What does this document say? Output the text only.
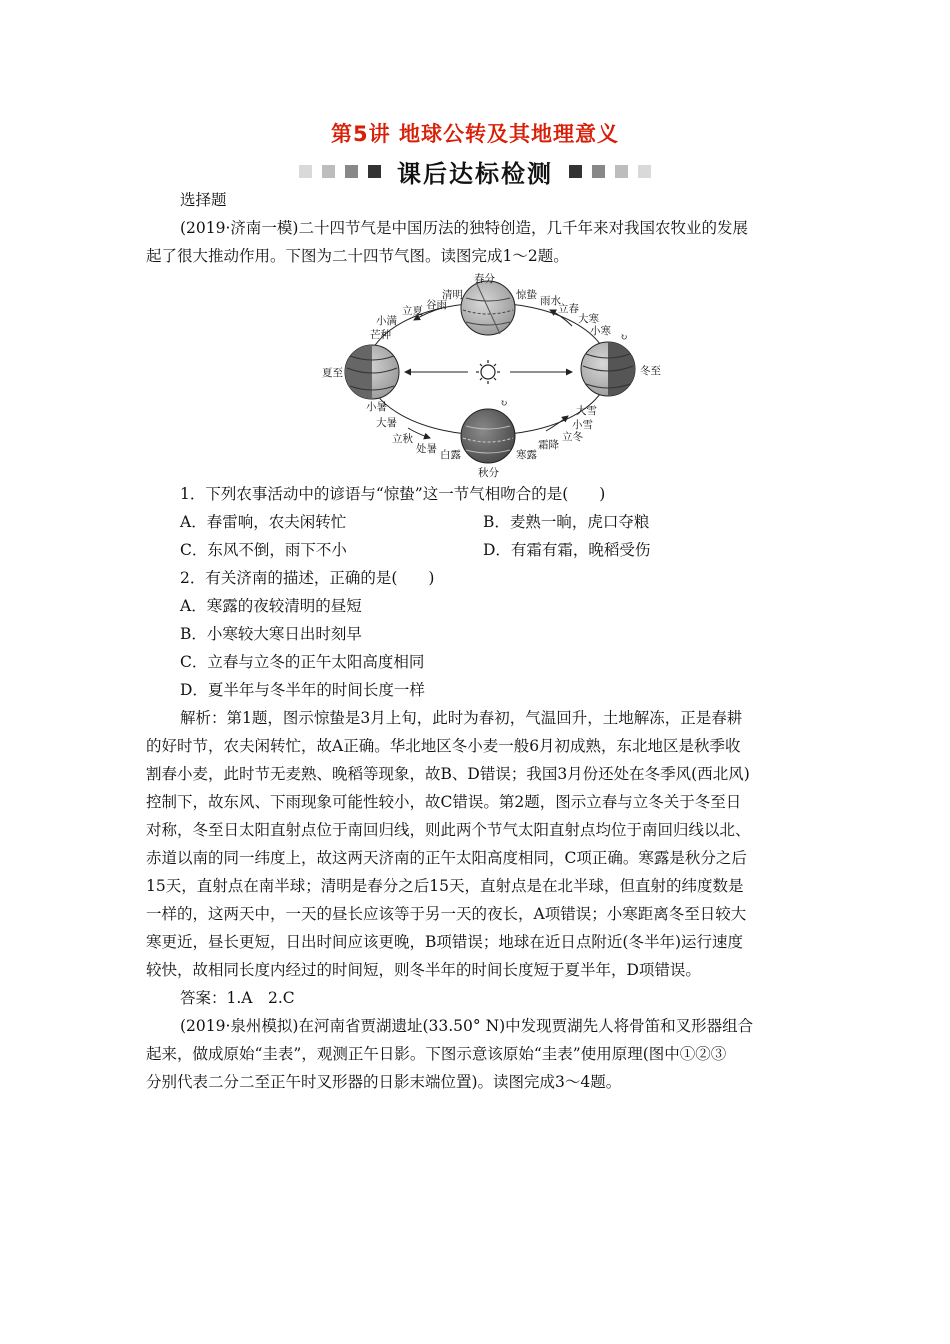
第5讲 地球公转及其地理意义
课后达标检测
选择题
(2019·济南一模)二十四节气是中国历法的独特创造，几千年来对我国农牧业的发展
起了很大推动作用。下图为二十四节气图。读图完成1～2题。
↻
↻
春分
清明
谷雨
立夏
小满
芒种
夏至
小暑
大暑
立秋
处暑 白露
秋分
寒露
霜降
立冬
小雪
大雪
冬至
小寒
大寒
立春
雨水
惊蛰
1．下列农事活动中的谚语与“惊蛰”这一节气相吻合的是(　　)
A．春雷响，农夫闲转忙	B．麦熟一晌，虎口夺粮
C．东风不倒，雨下不小	D．有霜有霜，晚稻受伤
2．有关济南的描述，正确的是(　　)
A．寒露的夜较清明的昼短
B．小寒较大寒日出时刻早
C．立春与立冬的正午太阳高度相同
D．夏半年与冬半年的时间长度一样
解析：第1题，图示惊蛰是3月上旬，此时为春初，气温回升，土地解冻，正是春耕
的好时节，农夫闲转忙，故A正确。华北地区冬小麦一般6月初成熟，东北地区是秋季收
割春小麦，此时节无麦熟、晚稻等现象，故B、D错误；我国3月份还处在冬季风(西北风)
控制下，故东风、下雨现象可能性较小，故C错误。第2题，图示立春与立冬关于冬至日
对称，冬至日太阳直射点位于南回归线，则此两个节气太阳直射点均位于南回归线以北、
赤道以南的同一纬度上，故这两天济南的正午太阳高度相同，C项正确。寒露是秋分之后
15天，直射点在南半球；清明是春分之后15天，直射点是在北半球，但直射的纬度数是
一样的，这两天中，一天的昼长应该等于另一天的夜长，A项错误；小寒距离冬至日较大
寒更近，昼长更短，日出时间应该更晚，B项错误；地球在近日点附近(冬半年)运行速度
较快，故相同长度内经过的时间短，则冬半年的时间长度短于夏半年，D项错误。
答案：1.A　2.C
(2019·泉州模拟)在河南省贾湖遗址(33.50° N)中发现贾湖先人将骨笛和叉形器组合
起来，做成原始“圭表”，观测正午日影。下图示意该原始“圭表”使用原理(图中①②③
分别代表二分二至正午时叉形器的日影末端位置)。读图完成3～4题。
